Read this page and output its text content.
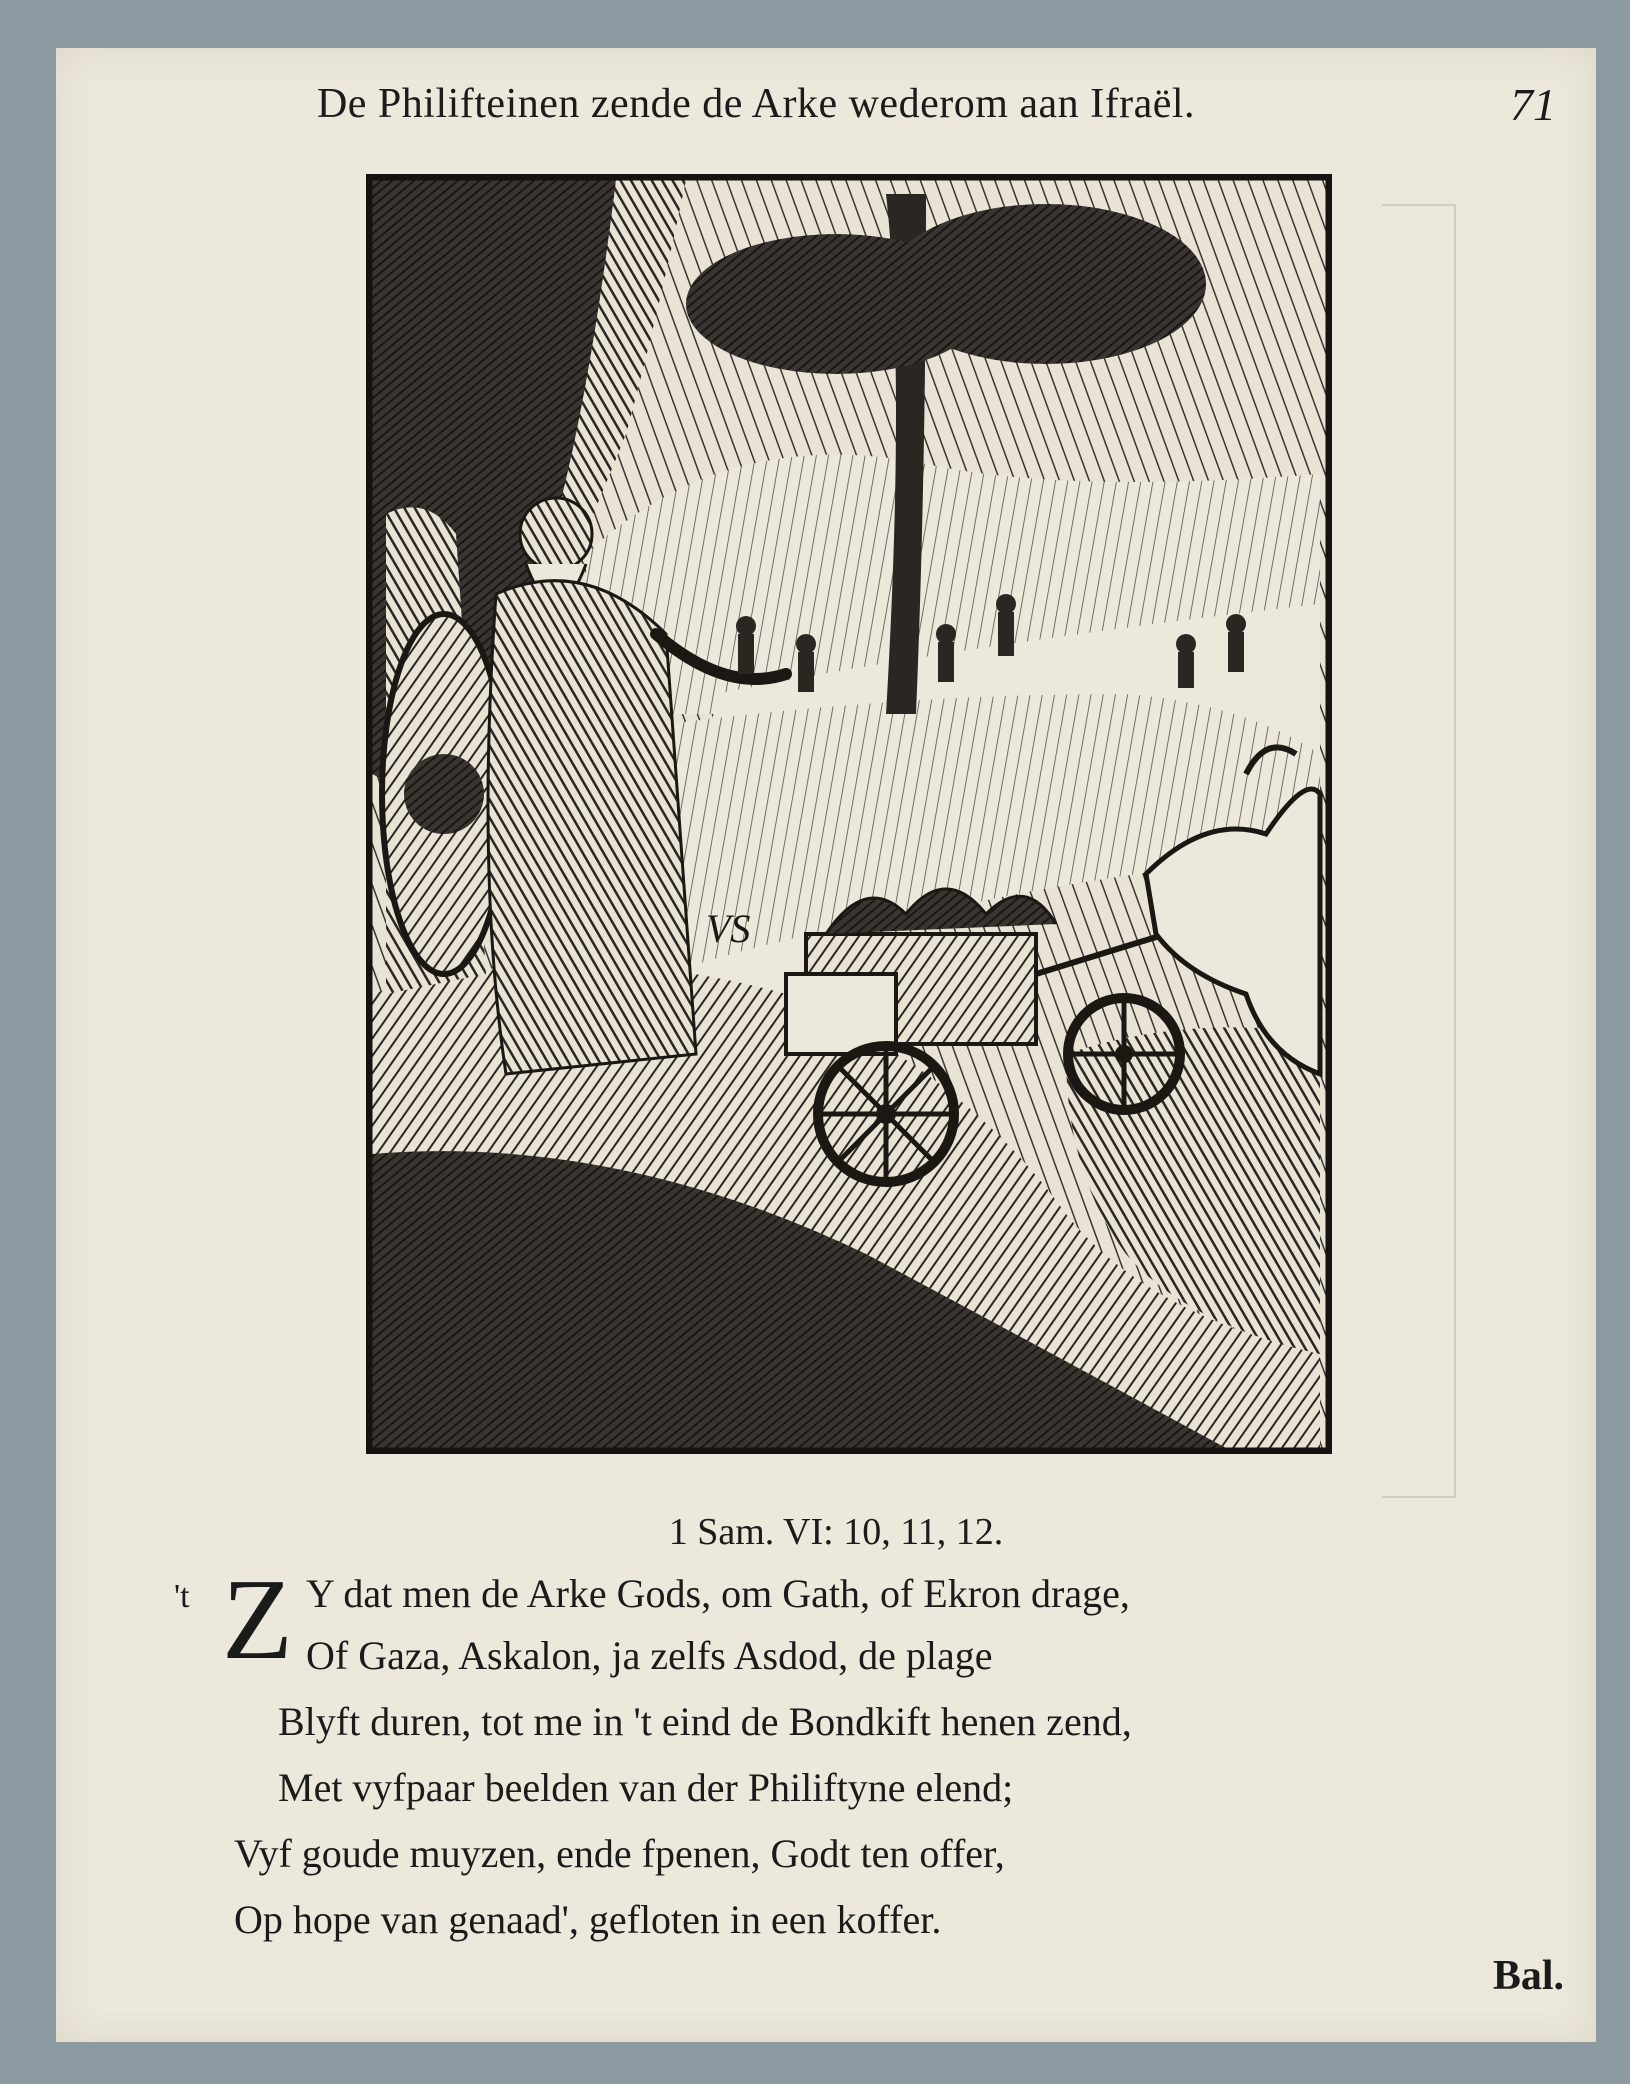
De Philifteinen zende de Arke wederom aan Ifraël.	71
VS
1 Sam. VI: 10, 11, 12.
't Z Y dat men de Arke Gods, om Gath, of Ekron drage,
Of Gaza, Askalon, ja zelfs Asdod, de plage
Blyft duren, tot me in 't eind de Bondkift henen zend,
Met vyfpaar beelden van der Philiftyne elend;
Vyf goude muyzen, ende fpenen, Godt ten offer,
Op hope van genaad', gefloten in een koffer.
Bal.
